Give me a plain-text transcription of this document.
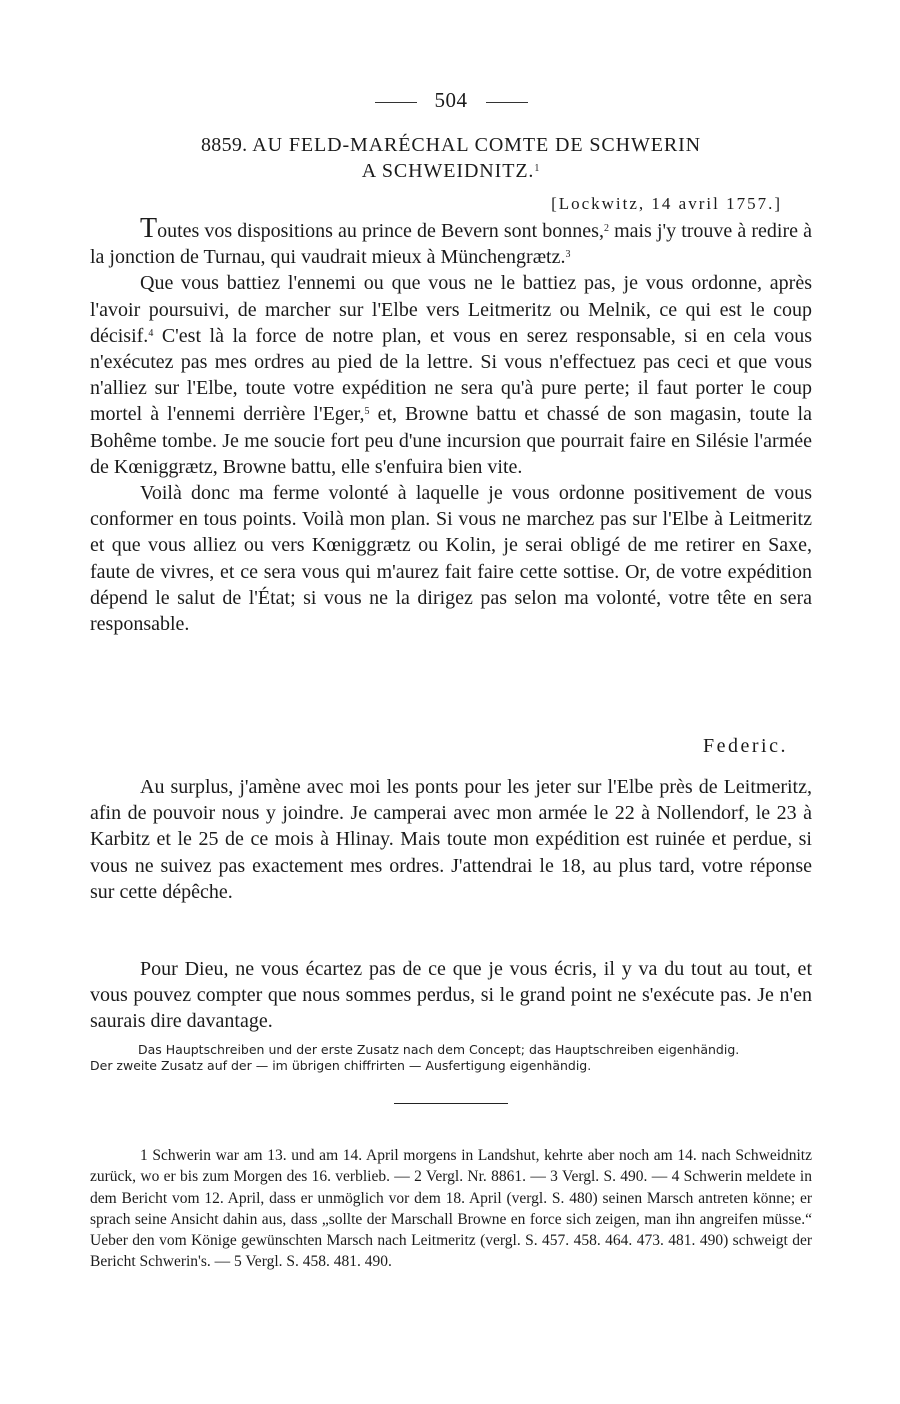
504
8859. AU FELD-MARÉCHAL COMTE DE SCHWERIN
A SCHWEIDNITZ.$^1$
[Lockwitz, 14 avril 1757.]

Toutes vos dispositions au prince de Bevern sont bonnes,$^2$ mais j'y trouve à redire à la jonction de Turnau, qui vaudrait mieux à Münchengrætz.$^3$

Que vous battiez l'ennemi ou que vous ne le battiez pas, je vous ordonne, après l'avoir poursuivi, de marcher sur l'Elbe vers Leitmeritz ou Melnik, ce qui est le coup décisif.$^4$ C'est là la force de notre plan, et vous en serez responsable, si en cela vous n'exécutez pas mes ordres au pied de la lettre. Si vous n'effectuez pas ceci et que vous n'alliez sur l'Elbe, toute votre expédition ne sera qu'à pure perte; il faut porter le coup mortel à l'ennemi derrière l'Eger,$^5$ et, Browne battu et chassé de son magasin, toute la Bohême tombe. Je me soucie fort peu d'une incursion que pourrait faire en Silésie l'armée de Kœniggrætz, Browne battu, elle s'enfuira bien vite.

Voilà donc ma ferme volonté à laquelle je vous ordonne positivement de vous conformer en tous points. Voilà mon plan. Si vous ne marchez pas sur l'Elbe à Leitmeritz et que vous alliez ou vers Kœniggrætz ou Kolin, je serai obligé de me retirer en Saxe, faute de vivres, et ce sera vous qui m'aurez fait faire cette sottise. Or, de votre expédition dépend le salut de l'État; si vous ne la dirigez pas selon ma volonté, votre tête en sera responsable.

Federic.

Au surplus, j'amène avec moi les ponts pour les jeter sur l'Elbe près de Leitmeritz, afin de pouvoir nous y joindre. Je camperai avec mon armée le 22 à Nollendorf, le 23 à Karbitz et le 25 de ce mois à Hlinay. Mais toute mon expédition est ruinée et perdue, si vous ne suivez pas exactement mes ordres. J'attendrai le 18, au plus tard, votre réponse sur cette dépêche.

Pour Dieu, ne vous écartez pas de ce que je vous écris, il y va du tout au tout, et vous pouvez compter que nous sommes perdus, si le grand point ne s'exécute pas. Je n'en saurais dire davantage.

Das Hauptschreiben und der erste Zusatz nach dem Concept; das Hauptschreiben eigenhändig.
Der zweite Zusatz auf der — im übrigen chiffrirten — Ausfertigung eigenhändig.

1 Schwerin war am 13. und am 14. April morgens in Landshut, kehrte aber noch am 14. nach Schweidnitz zurück, wo er bis zum Morgen des 16. verblieb. — 2 Vergl. Nr. 8861. — 3 Vergl. S. 490. — 4 Schwerin meldete in dem Bericht vom 12. April, dass er unmöglich vor dem 18. April (vergl. S. 480) seinen Marsch antreten könne; er sprach seine Ansicht dahin aus, dass „sollte der Marschall Browne en force sich zeigen, man ihn angreifen müsse.“ Ueber den vom Könige gewünschten Marsch nach Leitmeritz (vergl. S. 457. 458. 464. 473. 481. 490) schweigt der Bericht Schwerin's. — 5 Vergl. S. 458. 481. 490.
